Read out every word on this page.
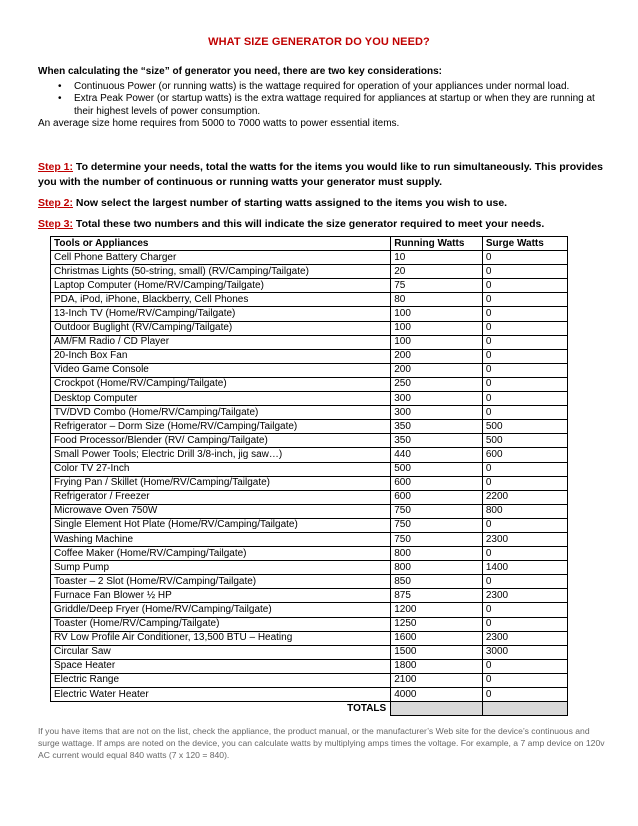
WHAT SIZE GENERATOR DO YOU NEED?
When calculating the “size” of generator you need, there are two key considerations:
• Continuous Power (or running watts) is the wattage required for operation of your appliances under normal load.
• Extra Peak Power (or startup watts) is the extra wattage required for appliances at startup or when they are running at their highest levels of power consumption.
An average size home requires from 5000 to 7000 watts to power essential items.

Step 1: To determine your needs, total the watts for the items you would like to run simultaneously. This provides you with the number of continuous or running watts your generator must supply.

Step 2: Now select the largest number of starting watts assigned to the items you wish to use.

Step 3: Total these two numbers and this will indicate the size generator required to meet your needs.

Tools or Appliances	Running Watts	Surge Watts
Cell Phone Battery Charger	10	0
Christmas Lights (50-string, small) (RV/Camping/Tailgate)	20	0
Laptop Computer (Home/RV/Camping/Tailgate)	75	0
PDA, iPod, iPhone, Blackberry, Cell Phones	80	0
13-Inch TV (Home/RV/Camping/Tailgate)	100	0
Outdoor Buglight (RV/Camping/Tailgate)	100	0
AM/FM Radio / CD Player	100	0
20-Inch Box Fan	200	0
Video Game Console	200	0
Crockpot (Home/RV/Camping/Tailgate)	250	0
Desktop Computer	300	0
TV/DVD Combo (Home/RV/Camping/Tailgate)	300	0
Refrigerator – Dorm Size (Home/RV/Camping/Tailgate)	350	500
Food Processor/Blender (RV/ Camping/Tailgate)	350	500
Small Power Tools; Electric Drill 3/8-inch, jig saw…)	440	600
Color TV 27-Inch	500	0
Frying Pan / Skillet (Home/RV/Camping/Tailgate)	600	0
Refrigerator / Freezer	600	2200
Microwave Oven 750W	750	800
Single Element Hot Plate (Home/RV/Camping/Tailgate)	750	0
Washing Machine	750	2300
Coffee Maker (Home/RV/Camping/Tailgate)	800	0
Sump Pump	800	1400
Toaster – 2 Slot (Home/RV/Camping/Tailgate)	850	0
Furnace Fan Blower ½ HP	875	2300
Griddle/Deep Fryer (Home/RV/Camping/Tailgate)	1200	0
Toaster (Home/RV/Camping/Tailgate)	1250	0
RV Low Profile Air Conditioner, 13,500 BTU – Heating	1600	2300
Circular Saw	1500	3000
Space Heater	1800	0
Electric Range	2100	0
Electric Water Heater	4000	0
TOTALS		
If you have items that are not on the list, check the appliance, the product manual, or the manufacturer’s Web site for the device’s continuous and surge wattage. If amps are noted on the device, you can calculate watts by multiplying amps times the voltage. For example, a 7 amp device on 120v AC current would equal 840 watts (7 x 120 = 840).
